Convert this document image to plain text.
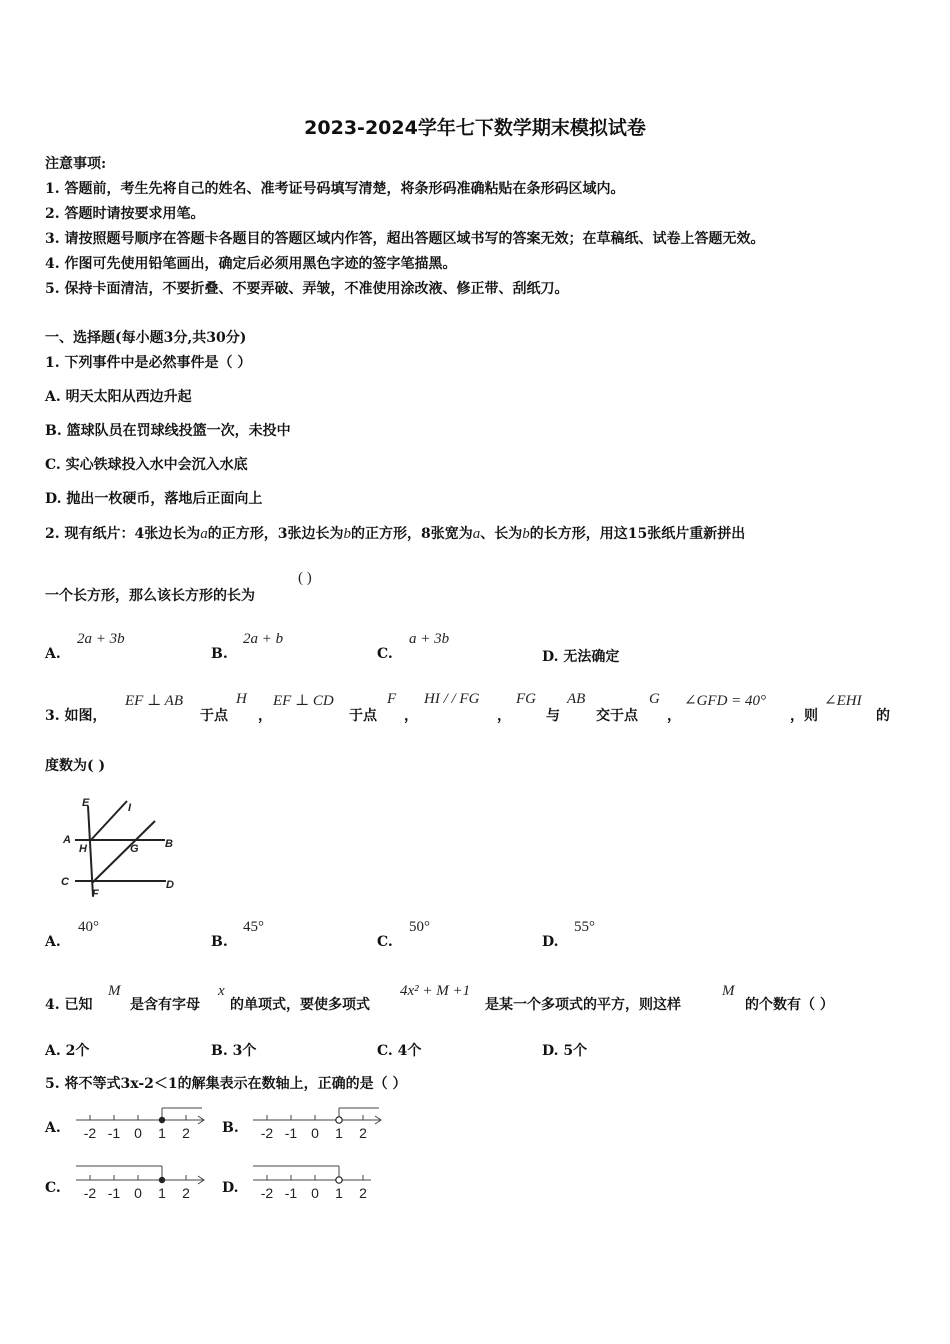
2023-2024学年七下数学期末模拟试卷
注意事项:
1. 答题前，考生先将自己的姓名、准考证号码填写清楚，将条形码准确粘贴在条形码区域内。
2. 答题时请按要求用笔。
3. 请按照题号顺序在答题卡各题目的答题区域内作答，超出答题区域书写的答案无效；在草稿纸、试卷上答题无效。
4. 作图可先使用铅笔画出，确定后必须用黑色字迹的签字笔描黑。
5. 保持卡面清洁，不要折叠、不要弄破、弄皱，不准使用涂改液、修正带、刮纸刀。
一、选择题(每小题3分,共30分)
1. 下列事件中是必然事件是（ ）
A. 明天太阳从西边升起
B. 篮球队员在罚球线投篮一次，未投中
C. 实心铁球投入水中会沉入水底
D. 抛出一枚硬币，落地后正面向上
2. 现有纸片：4张边长为a的正方形，3张边长为b的正方形，8张宽为a、长为b的长方形，用这15张纸片重新拼出
一个长方形，那么该长方形的长为
( )
A.
2a + 3b
B.
2a + b
C.
a + 3b
D. 无法确定
3. 如图，
EF ⊥ AB
于点
H
，
EF ⊥ CD
于点
F
，
HI / / FG
，
FG
与
AB
交于点
G
，
∠GFD = 40°
，则
∠EHI
的
度数为( )
E	I
A	B
H	G
C	D
F
A.
40°
B.
45°
C.
50°
D.
55°
4. 已知
M
是含有字母
x
的单项式，要使多项式
4x² + M +1
是某一个多项式的平方，则这样
M
的个数有（ ）
A. 2个	B. 3个	C. 4个	D. 5个
5. 将不等式3x-2＜1的解集表示在数轴上，正确的是（ ）
A.	B.
C.	D.
-2 -1 0 1 2	-2 -1 0 1 2
-2 -1 0 1 2	-2 -1 0 1 2
